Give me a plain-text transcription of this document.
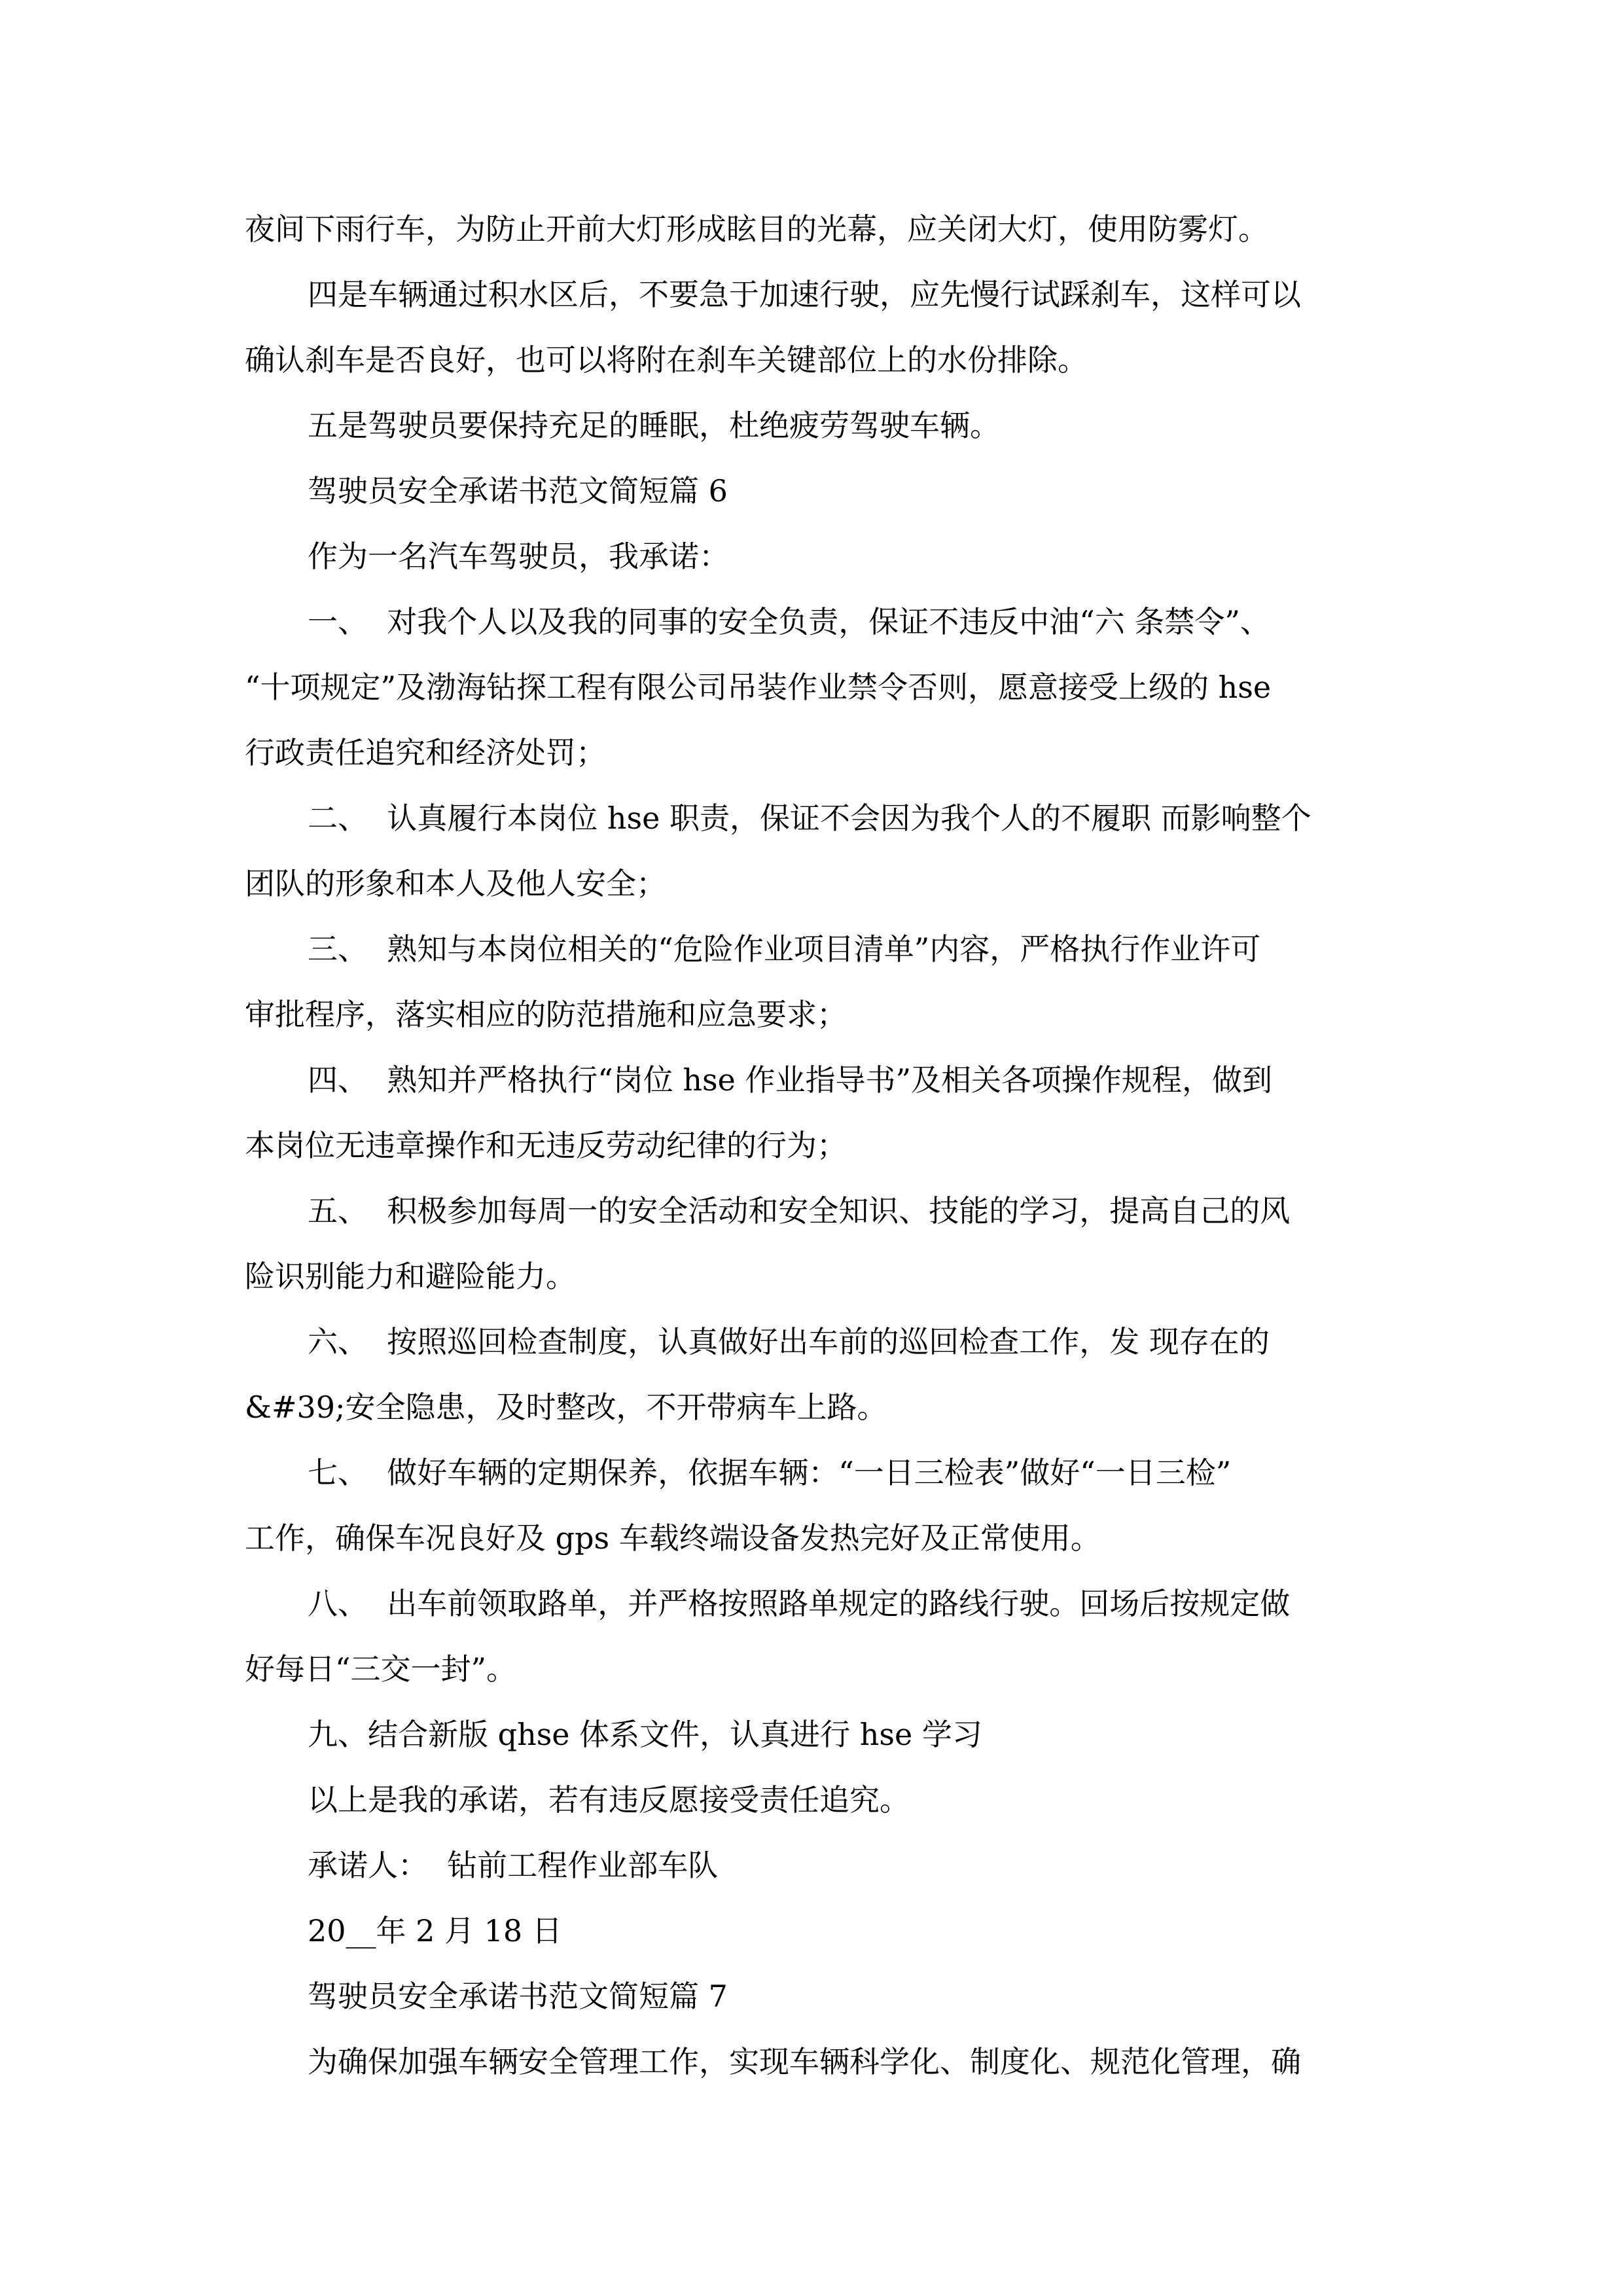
夜间下雨行车，为防止开前大灯形成眩目的光幕，应关闭大灯，使用防雾灯。
四是车辆通过积水区后，不要急于加速行驶，应先慢行试踩刹车，这样可以
确认刹车是否良好，也可以将附在刹车关键部位上的水份排除。
五是驾驶员要保持充足的睡眠，杜绝疲劳驾驶车辆。
驾驶员安全承诺书范文简短篇 6
作为一名汽车驾驶员，我承诺：
一、  对我个人以及我的同事的安全负责，保证不违反中油“六 条禁令”、
“十项规定”及渤海钻探工程有限公司吊装作业禁令否则，愿意接受上级的 hse
行政责任追究和经济处罚；
二、  认真履行本岗位 hse 职责，保证不会因为我个人的不履职 而影响整个
团队的形象和本人及他人安全；
三、  熟知与本岗位相关的“危险作业项目清单”内容，严格执行作业许可
审批程序，落实相应的防范措施和应急要求；
四、  熟知并严格执行“岗位 hse 作业指导书”及相关各项操作规程，做到
本岗位无违章操作和无违反劳动纪律的行为；
五、  积极参加每周一的安全活动和安全知识、技能的学习，提高自己的风
险识别能力和避险能力。
六、  按照巡回检查制度，认真做好出车前的巡回检查工作，发 现存在的
&#39;安全隐患，及时整改，不开带病车上路。
七、  做好车辆的定期保养，依据车辆：“一日三检表”做好“一日三检”
工作，确保车况良好及 gps 车载终端设备发热完好及正常使用。
八、  出车前领取路单，并严格按照路单规定的路线行驶。回场后按规定做
好每日“三交一封”。
九、结合新版 qhse 体系文件，认真进行 hse 学习
以上是我的承诺，若有违反愿接受责任追究。
承诺人：  钻前工程作业部车队
20__年 2 月 18 日
驾驶员安全承诺书范文简短篇 7
为确保加强车辆安全管理工作，实现车辆科学化、制度化、规范化管理，确
